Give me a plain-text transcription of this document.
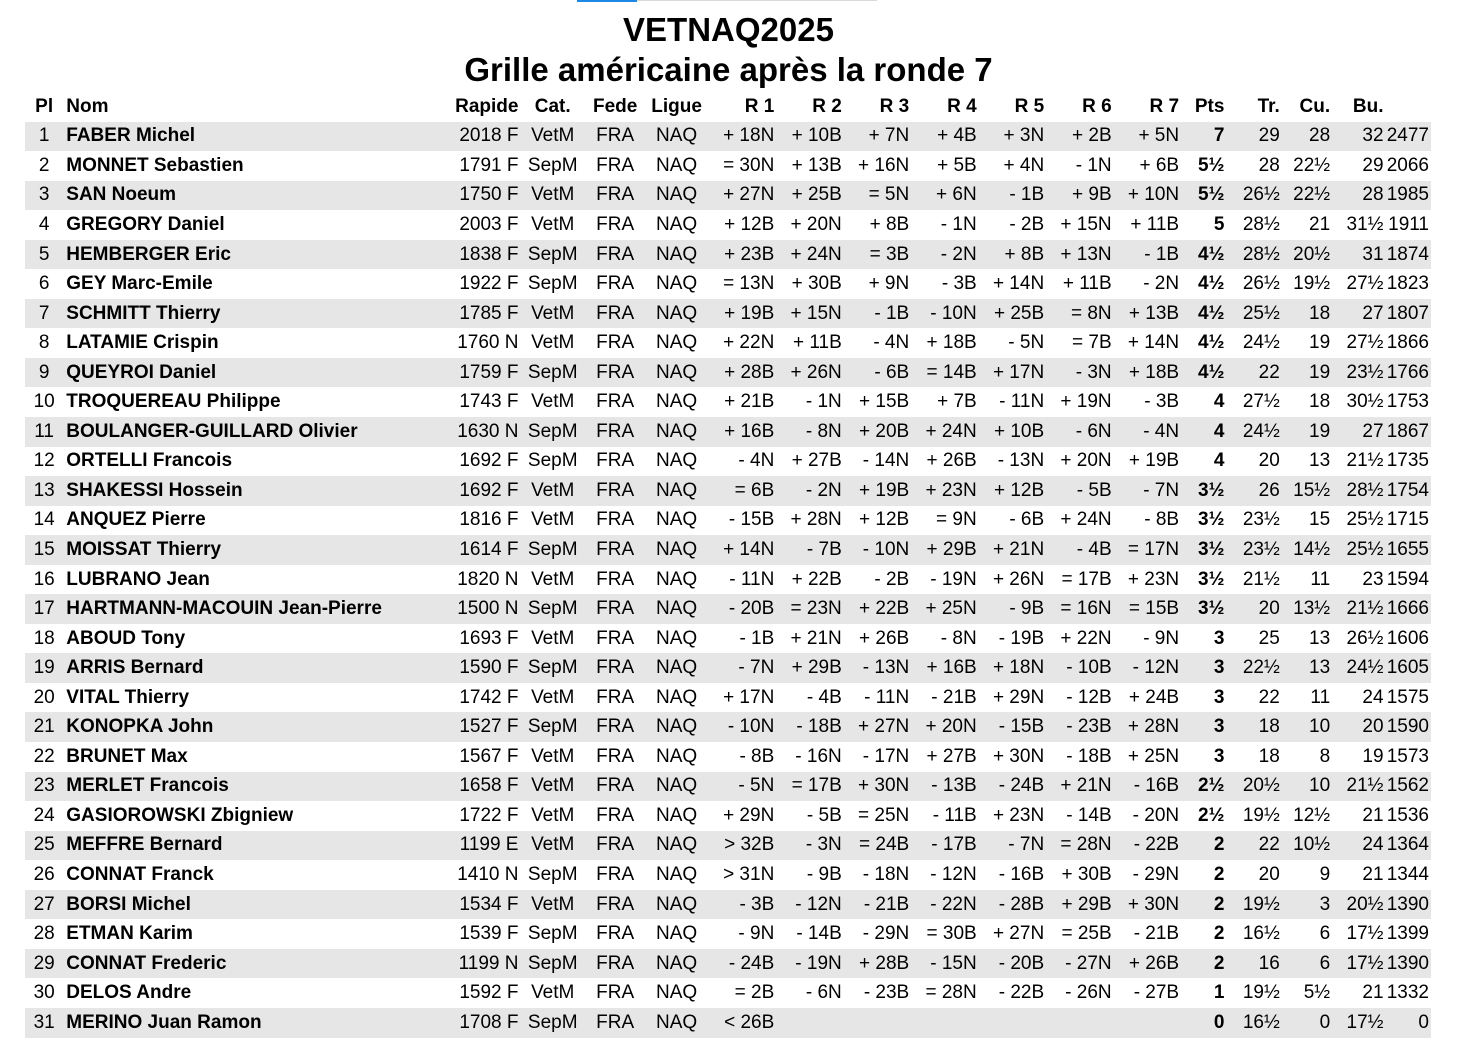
VETNAQ2025
Grille américaine après la ronde 7
Pl	Nom	Rapide	Cat.	Fede	Ligue	R 1	R 2	R 3	R 4	R 5	R 6	R 7	Pts	Tr.	Cu.	Bu.	
1	FABER Michel	2018 F	VetM	FRA	NAQ	+ 18N	+ 10B	+ 7N	+ 4B	+ 3N	+ 2B	+ 5N	7	29	28	32	2477
2	MONNET Sebastien	1791 F	SepM	FRA	NAQ	= 30N	+ 13B	+ 16N	+ 5B	+ 4N	- 1N	+ 6B	5½	28	22½	29	2066
3	SAN Noeum	1750 F	VetM	FRA	NAQ	+ 27N	+ 25B	= 5N	+ 6N	- 1B	+ 9B	+ 10N	5½	26½	22½	28	1985
4	GREGORY Daniel	2003 F	VetM	FRA	NAQ	+ 12B	+ 20N	+ 8B	- 1N	- 2B	+ 15N	+ 11B	5	28½	21	31½	1911
5	HEMBERGER Eric	1838 F	SepM	FRA	NAQ	+ 23B	+ 24N	= 3B	- 2N	+ 8B	+ 13N	- 1B	4½	28½	20½	31	1874
6	GEY Marc-Emile	1922 F	SepM	FRA	NAQ	= 13N	+ 30B	+ 9N	- 3B	+ 14N	+ 11B	- 2N	4½	26½	19½	27½	1823
7	SCHMITT Thierry	1785 F	VetM	FRA	NAQ	+ 19B	+ 15N	- 1B	- 10N	+ 25B	= 8N	+ 13B	4½	25½	18	27	1807
8	LATAMIE Crispin	1760 N	VetM	FRA	NAQ	+ 22N	+ 11B	- 4N	+ 18B	- 5N	= 7B	+ 14N	4½	24½	19	27½	1866
9	QUEYROI Daniel	1759 F	SepM	FRA	NAQ	+ 28B	+ 26N	- 6B	= 14B	+ 17N	- 3N	+ 18B	4½	22	19	23½	1766
10	TROQUEREAU Philippe	1743 F	VetM	FRA	NAQ	+ 21B	- 1N	+ 15B	+ 7B	- 11N	+ 19N	- 3B	4	27½	18	30½	1753
11	BOULANGER-GUILLARD Olivier	1630 N	SepM	FRA	NAQ	+ 16B	- 8N	+ 20B	+ 24N	+ 10B	- 6N	- 4N	4	24½	19	27	1867
12	ORTELLI Francois	1692 F	SepM	FRA	NAQ	- 4N	+ 27B	- 14N	+ 26B	- 13N	+ 20N	+ 19B	4	20	13	21½	1735
13	SHAKESSI Hossein	1692 F	VetM	FRA	NAQ	= 6B	- 2N	+ 19B	+ 23N	+ 12B	- 5B	- 7N	3½	26	15½	28½	1754
14	ANQUEZ Pierre	1816 F	VetM	FRA	NAQ	- 15B	+ 28N	+ 12B	= 9N	- 6B	+ 24N	- 8B	3½	23½	15	25½	1715
15	MOISSAT Thierry	1614 F	SepM	FRA	NAQ	+ 14N	- 7B	- 10N	+ 29B	+ 21N	- 4B	= 17N	3½	23½	14½	25½	1655
16	LUBRANO Jean	1820 N	VetM	FRA	NAQ	- 11N	+ 22B	- 2B	- 19N	+ 26N	= 17B	+ 23N	3½	21½	11	23	1594
17	HARTMANN-MACOUIN Jean-Pierre	1500 N	SepM	FRA	NAQ	- 20B	= 23N	+ 22B	+ 25N	- 9B	= 16N	= 15B	3½	20	13½	21½	1666
18	ABOUD Tony	1693 F	VetM	FRA	NAQ	- 1B	+ 21N	+ 26B	- 8N	- 19B	+ 22N	- 9N	3	25	13	26½	1606
19	ARRIS Bernard	1590 F	SepM	FRA	NAQ	- 7N	+ 29B	- 13N	+ 16B	+ 18N	- 10B	- 12N	3	22½	13	24½	1605
20	VITAL Thierry	1742 F	VetM	FRA	NAQ	+ 17N	- 4B	- 11N	- 21B	+ 29N	- 12B	+ 24B	3	22	11	24	1575
21	KONOPKA John	1527 F	SepM	FRA	NAQ	- 10N	- 18B	+ 27N	+ 20N	- 15B	- 23B	+ 28N	3	18	10	20	1590
22	BRUNET Max	1567 F	VetM	FRA	NAQ	- 8B	- 16N	- 17N	+ 27B	+ 30N	- 18B	+ 25N	3	18	8	19	1573
23	MERLET Francois	1658 F	VetM	FRA	NAQ	- 5N	= 17B	+ 30N	- 13B	- 24B	+ 21N	- 16B	2½	20½	10	21½	1562
24	GASIOROWSKI Zbigniew	1722 F	VetM	FRA	NAQ	+ 29N	- 5B	= 25N	- 11B	+ 23N	- 14B	- 20N	2½	19½	12½	21	1536
25	MEFFRE Bernard	1199 E	VetM	FRA	NAQ	> 32B	- 3N	= 24B	- 17B	- 7N	= 28N	- 22B	2	22	10½	24	1364
26	CONNAT Franck	1410 N	SepM	FRA	NAQ	> 31N	- 9B	- 18N	- 12N	- 16B	+ 30B	- 29N	2	20	9	21	1344
27	BORSI Michel	1534 F	VetM	FRA	NAQ	- 3B	- 12N	- 21B	- 22N	- 28B	+ 29B	+ 30N	2	19½	3	20½	1390
28	ETMAN Karim	1539 F	SepM	FRA	NAQ	- 9N	- 14B	- 29N	= 30B	+ 27N	= 25B	- 21B	2	16½	6	17½	1399
29	CONNAT Frederic	1199 N	SepM	FRA	NAQ	- 24B	- 19N	+ 28B	- 15N	- 20B	- 27N	+ 26B	2	16	6	17½	1390
30	DELOS Andre	1592 F	VetM	FRA	NAQ	= 2B	- 6N	- 23B	= 28N	- 22B	- 26N	- 27B	1	19½	5½	21	1332
31	MERINO Juan Ramon	1708 F	SepM	FRA	NAQ	< 26B							0	16½	0	17½	0
